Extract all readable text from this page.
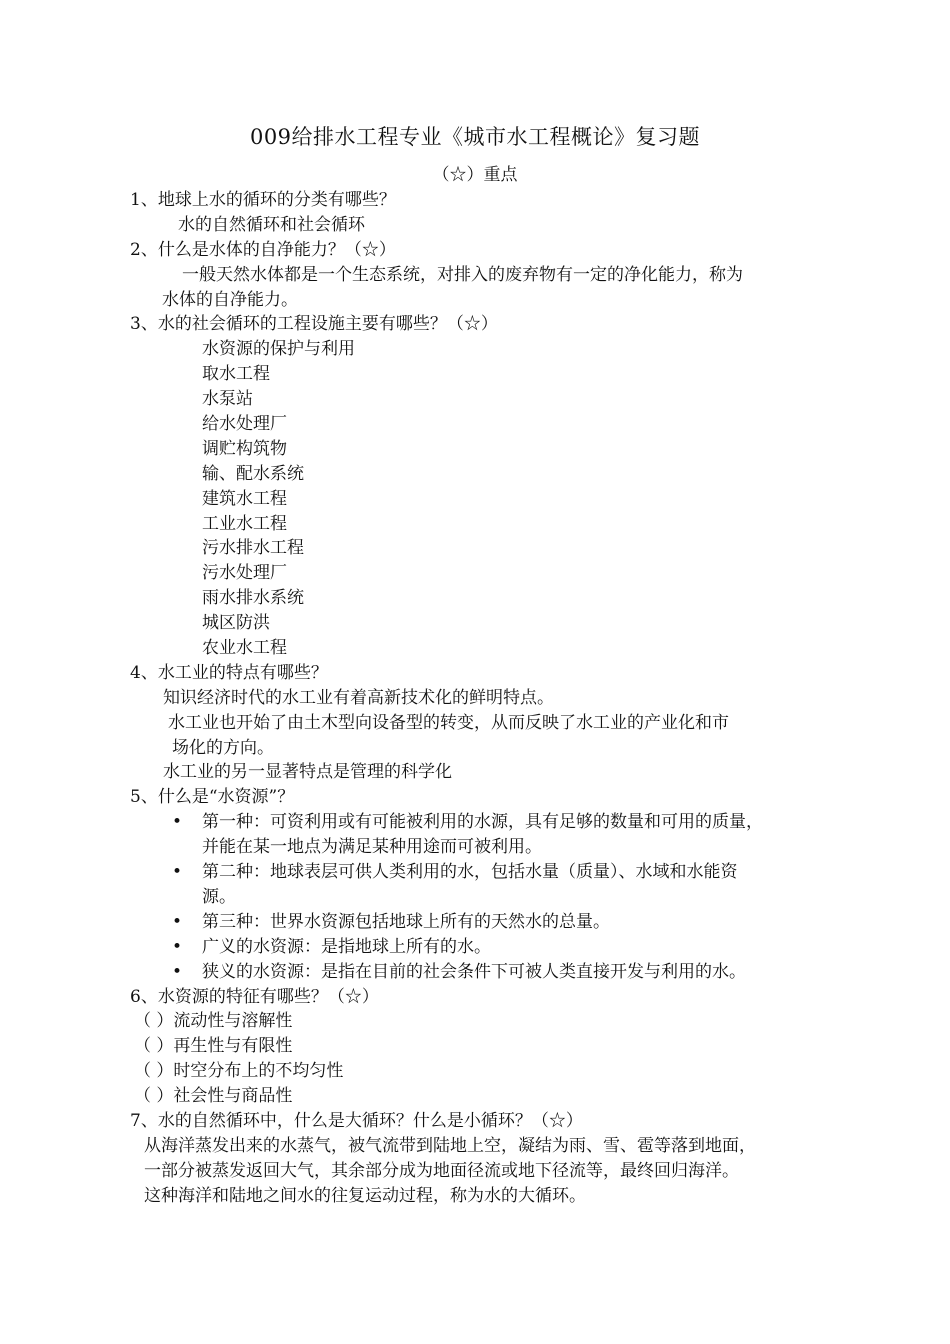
009给排水工程专业《城市水工程概论》复习题
（☆）重点
1、地球上水的循环的分类有哪些？
水的自然循环和社会循环
2、什么是水体的自净能力？（☆）
一般天然水体都是一个生态系统，对排入的废弃物有一定的净化能力，称为
水体的自净能力。
3、水的社会循环的工程设施主要有哪些？（☆）
水资源的保护与利用
取水工程
水泵站
给水处理厂
调贮构筑物
输、配水系统
建筑水工程
工业水工程
污水排水工程
污水处理厂
雨水排水系统
城区防洪
农业水工程
4、水工业的特点有哪些？
知识经济时代的水工业有着高新技术化的鲜明特点。
水工业也开始了由土木型向设备型的转变，从而反映了水工业的产业化和市
场化的方向。
水工业的另一显著特点是管理的科学化
5、什么是“水资源”？
• 第一种：可资利用或有可能被利用的水源，具有足够的数量和可用的质量，
并能在某一地点为满足某种用途而可被利用。
• 第二种：地球表层可供人类利用的水，包括水量（质量）、水域和水能资
源。
• 第三种：世界水资源包括地球上所有的天然水的总量。
• 广义的水资源：是指地球上所有的水。
• 狭义的水资源：是指在目前的社会条件下可被人类直接开发与利用的水。
6、水资源的特征有哪些？（☆）
（ ）流动性与溶解性
（ ）再生性与有限性
（ ）时空分布上的不均匀性
（ ）社会性与商品性
7、水的自然循环中，什么是大循环？什么是小循环？（☆）
从海洋蒸发出来的水蒸气，被气流带到陆地上空，凝结为雨、雪、雹等落到地面，
一部分被蒸发返回大气，其余部分成为地面径流或地下径流等，最终回归海洋。
这种海洋和陆地之间水的往复运动过程，称为水的大循环。
